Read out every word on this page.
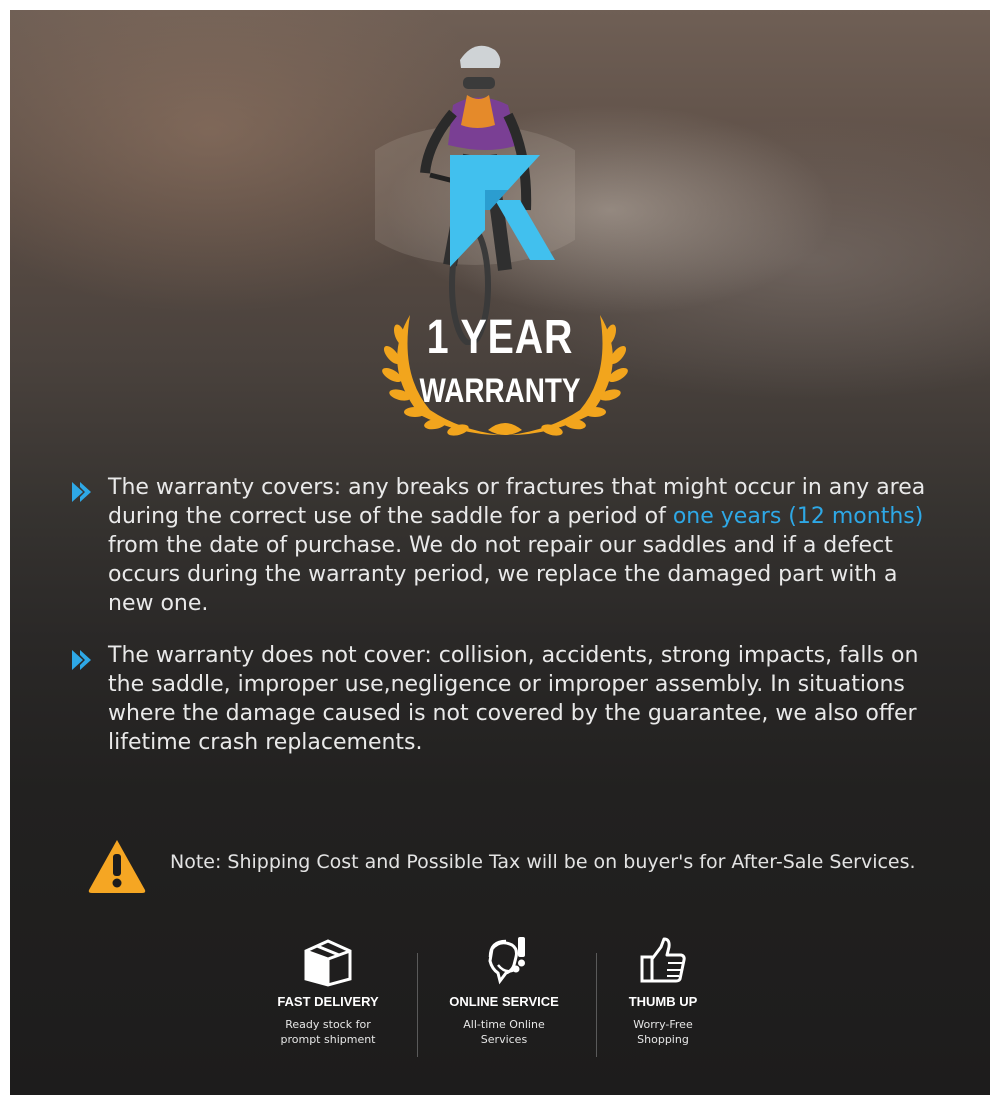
1 YEAR
WARRANTY
The warranty covers: any breaks or fractures that might occur in any area during the correct use of the saddle for a period of one years (12 months) from the date of purchase. We do not repair our saddles and if a defect occurs during the warranty period, we replace the damaged part with a new one.
The warranty does not cover: collision, accidents, strong impacts, falls on the saddle, improper use,negligence or improper assembly. In situations where the damage caused is not covered by the guarantee, we also offer lifetime crash replacements.
Note: Shipping Cost and Possible Tax will be on buyer's for After-Sale Services.
FAST DELIVERY
Ready stock for
prompt shipment
ONLINE SERVICE
All-time Online
Services
THUMB UP
Worry-Free
Shopping
